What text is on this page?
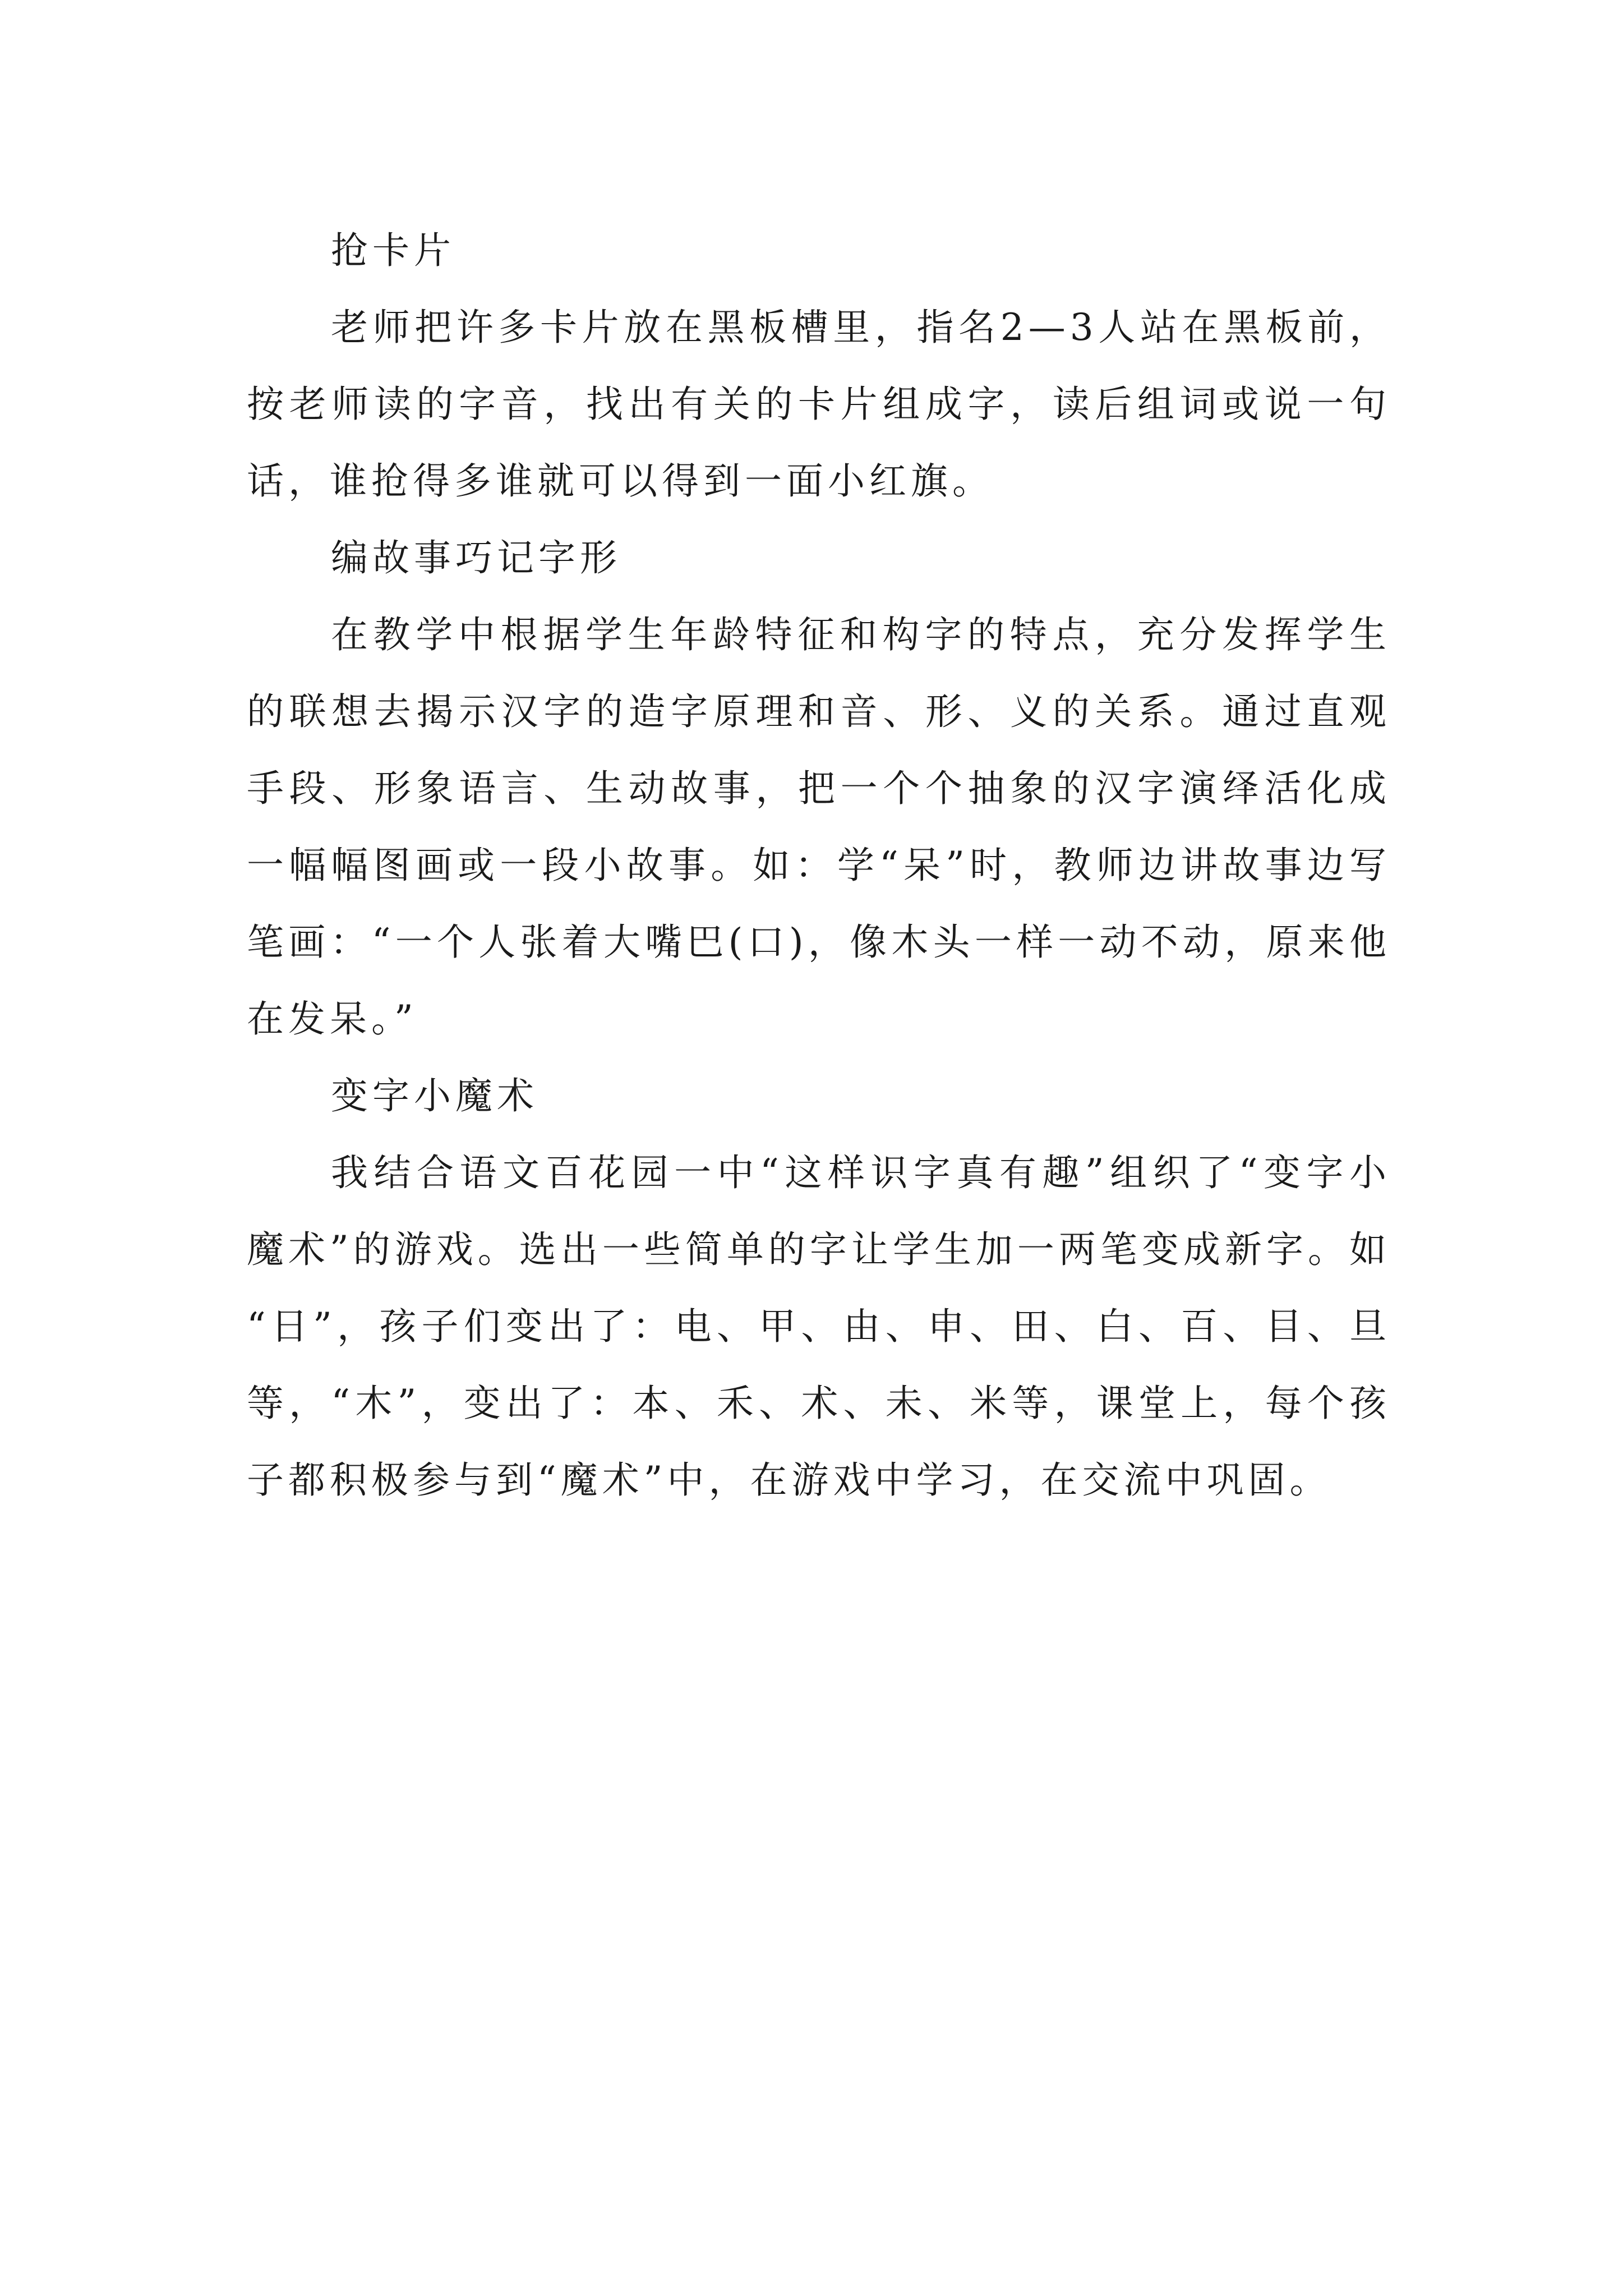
抢卡片

老师把许多卡片放在黑板槽里，指名2—3人站在黑板前，按老师读的字音，找出有关的卡片组成字，读后组词或说一句话，谁抢得多谁就可以得到一面小红旗。

编故事巧记字形

在教学中根据学生年龄特征和构字的特点，充分发挥学生的联想去揭示汉字的造字原理和音、形、义的关系。通过直观手段、形象语言、生动故事，把一个个抽象的汉字演绎活化成一幅幅图画或一段小故事。如：学“呆”时，教师边讲故事边写笔画：“一个人张着大嘴巴(口)，像木头一样一动不动，原来他在发呆。”

变字小魔术

我结合语文百花园一中“这样识字真有趣”组织了“变字小魔术”的游戏。选出一些简单的字让学生加一两笔变成新字。如“日”，孩子们变出了：电、甲、由、申、田、白、百、目、旦等，“木”，变出了：本、禾、术、未、米等，课堂上，每个孩子都积极参与到“魔术”中，在游戏中学习，在交流中巩固。
